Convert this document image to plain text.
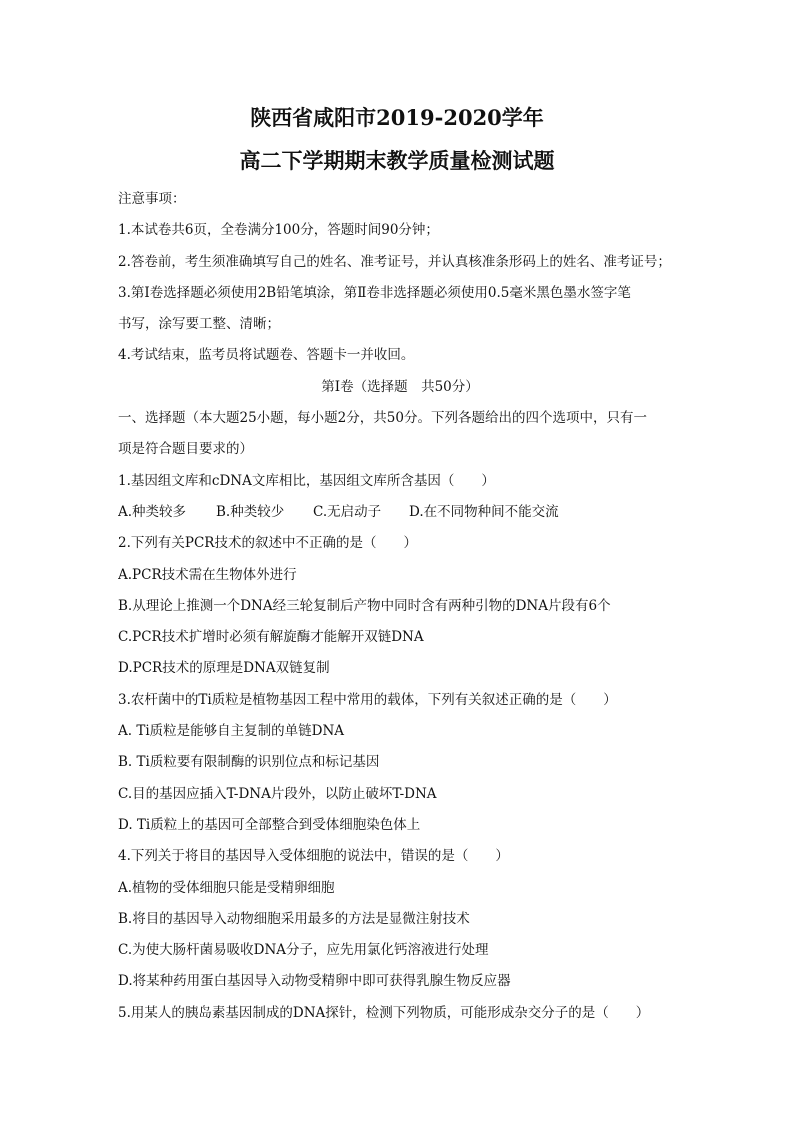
陕西省咸阳市2019-2020学年
高二下学期期末教学质量检测试题
注意事项：
1.本试卷共6页，全卷满分100分，答题时间90分钟；
2.答卷前，考生须准确填写自己的姓名、准考证号，并认真核准条形码上的姓名、准考证号；
3.第Ⅰ卷选择题必须使用2B铅笔填涂，第Ⅱ卷非选择题必须使用0.5毫米黑色墨水签字笔
书写，涂写要工整、清晰；
4.考试结束，监考员将试题卷、答题卡一并收回。
第Ⅰ卷（选择题　共50分）
一、选择题（本大题25小题，每小题2分，共50分。下列各题给出的四个选项中，只有一
项是符合题目要求的）
1.基因组文库和cDNA文库相比，基因组文库所含基因（　　）
A.种类较多 B.种类较少 C.无启动子 D.在不同物种间不能交流
2.下列有关PCR技术的叙述中不正确的是（　　）
A.PCR技术需在生物体外进行
B.从理论上推测一个DNA经三轮复制后产物中同时含有两种引物的DNA片段有6个
C.PCR技术扩增时必须有解旋酶才能解开双链DNA
D.PCR技术的原理是DNA双链复制
3.农杆菌中的Ti质粒是植物基因工程中常用的载体，下列有关叙述正确的是（　　）
A. Ti质粒是能够自主复制的单链DNA
B. Ti质粒要有限制酶的识别位点和标记基因
C.目的基因应插入T-DNA片段外，以防止破坏T-DNA
D. Ti质粒上的基因可全部整合到受体细胞染色体上
4.下列关于将目的基因导入受体细胞的说法中，错误的是（　　）
A.植物的受体细胞只能是受精卵细胞
B.将目的基因导入动物细胞采用最多的方法是显微注射技术
C.为使大肠杆菌易吸收DNA分子，应先用氯化钙溶液进行处理
D.将某种药用蛋白基因导入动物受精卵中即可获得乳腺生物反应器
5.用某人的胰岛素基因制成的DNA探针，检测下列物质，可能形成杂交分子的是（　　）
